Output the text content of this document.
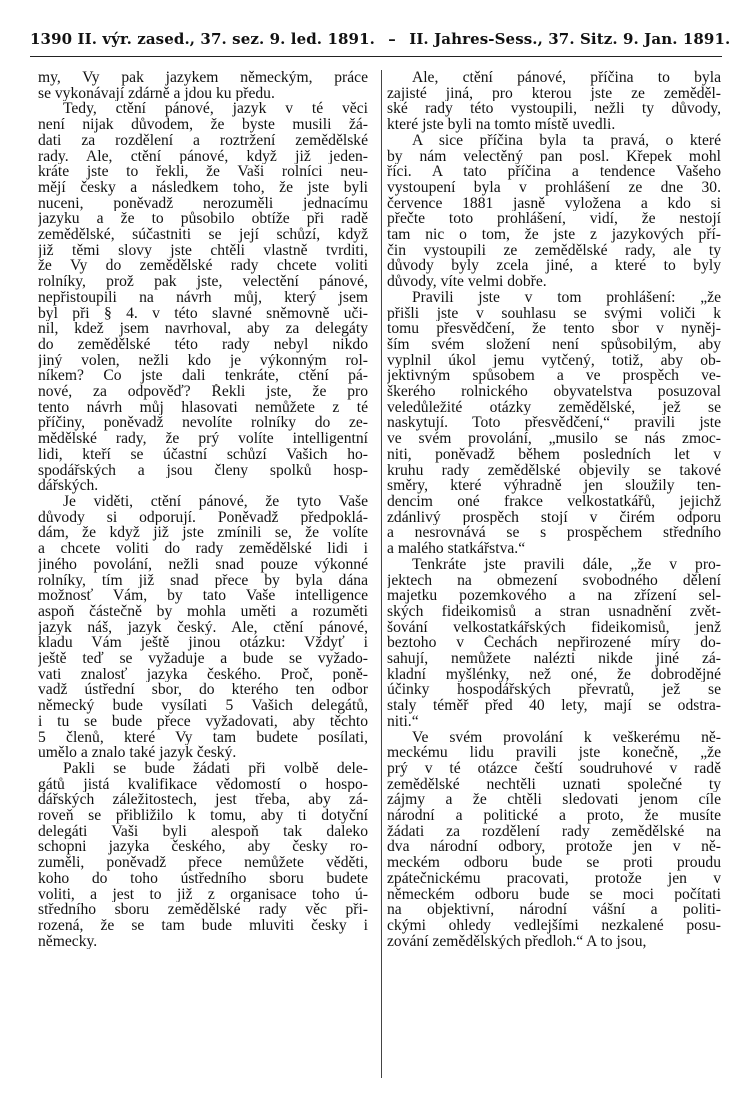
1390 II. výr. zased., 37. sez. 9. led. 1891. – II. Jahres-Sess., 37. Sitz. 9. Jan. 1891.
my, Vy pak jazykem německým, práce
se vykonávají zdárně a jdou ku předu.
Tedy, ctění pánové, jazyk v té věci
není nijak důvodem, že byste musili žá-
dati za rozdělení a roztržení zemědělské
rady. Ale, ctění pánové, když již jeden-
kráte jste to řekli, že Vaši rolníci neu-
mějí česky a následkem toho, že jste byli
nuceni, poněvadž nerozuměli jednacímu
jazyku a že to působilo obtíže při radě
zemědělské, súčastniti se její schůzí, když
již těmi slovy jste chtěli vlastně tvrditi,
že Vy do zemědělské rady chcete voliti
rolníky, prož pak jste, velectění pánové,
nepřistoupili na návrh můj, který jsem
byl při § 4. v této slavné sněmovně uči-
nil, kdež jsem navrhoval, aby za delegáty
do zemědělské této rady nebyl nikdo
jiný volen, nežli kdo je výkonným rol-
níkem? Co jste dali tenkráte, ctění pá-
nové, za odpověď? Řekli jste, že pro
tento návrh můj hlasovati nemůžete z té
příčiny, poněvadž nevolíte rolníky do ze-
mědělské rady, že prý volíte intelligentní
lidi, kteří se účastní schůzí Vašich ho-
spodářských a jsou členy spolků hosp-
dářských.
Je viděti, ctění pánové, že tyto Vaše
důvody si odporují. Poněvadž předpoklá-
dám, že když již jste zmínili se, že volíte
a chcete voliti do rady zemědělské lidi i
jiného povolání, nežli snad pouze výkonné
rolníky, tím již snad přece by byla dána
možnosť Vám, by tato Vaše intelligence
aspoň částečně by mohla uměti a rozuměti
jazyk náš, jazyk český. Ale, ctění pánové,
kladu Vám ještě jinou otázku: Vždyť i
ještě teď se vyžaduje a bude se vyžado-
vati znalosť jazyka českého. Proč, poně-
vadž ústřední sbor, do kterého ten odbor
německý bude vysílati 5 Vašich delegátů,
i tu se bude přece vyžadovati, aby těchto
5 členů, které Vy tam budete posílati,
umělo a znalo také jazyk český.
Pakli se bude žádati při volbě dele-
gátů jistá kvalifikace vědomostí o hospo-
dářských záležitostech, jest třeba, aby zá-
roveň se přibližilo k tomu, aby ti dotyční
delegáti Vaši byli alespoň tak daleko
schopni jazyka českého, aby česky ro-
zuměli, poněvadž přece nemůžete věděti,
koho do toho ústředního sboru budete
voliti, a jest to již z organisace toho ú-
středního sboru zemědělské rady věc při-
rozená, že se tam bude mluviti česky i
německy.
Ale, ctění pánové, příčina to byla
zajisté jiná, pro kterou jste ze zeměděl-
ské rady této vystoupili, nežli ty důvody,
které jste byli na tomto místě uvedli.
A sice příčina byla ta pravá, o které
by nám velectěný pan posl. Křepek mohl
říci. A tato příčina a tendence Vašeho
vystoupení byla v prohlášení ze dne 30.
července 1881 jasně vyložena a kdo si
přečte toto prohlášení, vidí, že nestojí
tam nic o tom, že jste z jazykových pří-
čin vystoupili ze zemědělské rady, ale ty
důvody byly zcela jiné, a které to byly
důvody, víte velmi dobře.
Pravili jste v tom prohlášení: „že
přišli jste v souhlasu se svými voliči k
tomu přesvědčení, že tento sbor v nyněj-
ším svém složení není spůsobilým, aby
vyplnil úkol jemu vytčený, totiž, aby ob-
jektivným spůsobem a ve prospěch ve-
škerého rolnického obyvatelstva posuzoval
veledůležité otázky zemědělské, jež se
naskytují. Toto přesvědčení,“ pravili jste
ve svém provolání, „musilo se nás zmoc-
niti, poněvadž během posledních let v
kruhu rady zemědělské objevily se takové
směry, které výhradně jen sloužily ten-
dencim oné frakce velkostatkářů, jejichž
zdánlivý prospěch stojí v čirém odporu
a nesrovnává se s prospěchem středního
a malého statkářstva.“
Tenkráte jste pravili dále, „že v pro-
jektech na obmezení svobodného dělení
majetku pozemkového a na zřízení sel-
ských fideikomisů a stran usnadnění zvět-
šování velkostatkářských fideikomisů, jenž
beztoho v Čechách nepřirozené míry do-
sahují, nemůžete nalézti nikde jiné zá-
kladní myšlénky, než oné, že dobrodějné
účinky hospodářských převratů, jež se
staly téměř před 40 lety, mají se odstra-
niti.“
Ve svém provolání k veškerému ně-
meckému lidu pravili jste konečně, „že
prý v té otázce čeští soudruhové v radě
zemědělské nechtěli uznati společné ty
zájmy a že chtěli sledovati jenom cíle
národní a politické a proto, že musíte
žádati za rozdělení rady zemědělské na
dva národní odbory, protože jen v ně-
meckém odboru bude se proti proudu
zpátečnickému pracovati, protože jen v
německém odboru bude se moci počítati
na objektivní, národní vášní a politi-
ckými ohledy vedlejšími nezkalené posu-
zování zemědělských předloh.“ A to jsou,
